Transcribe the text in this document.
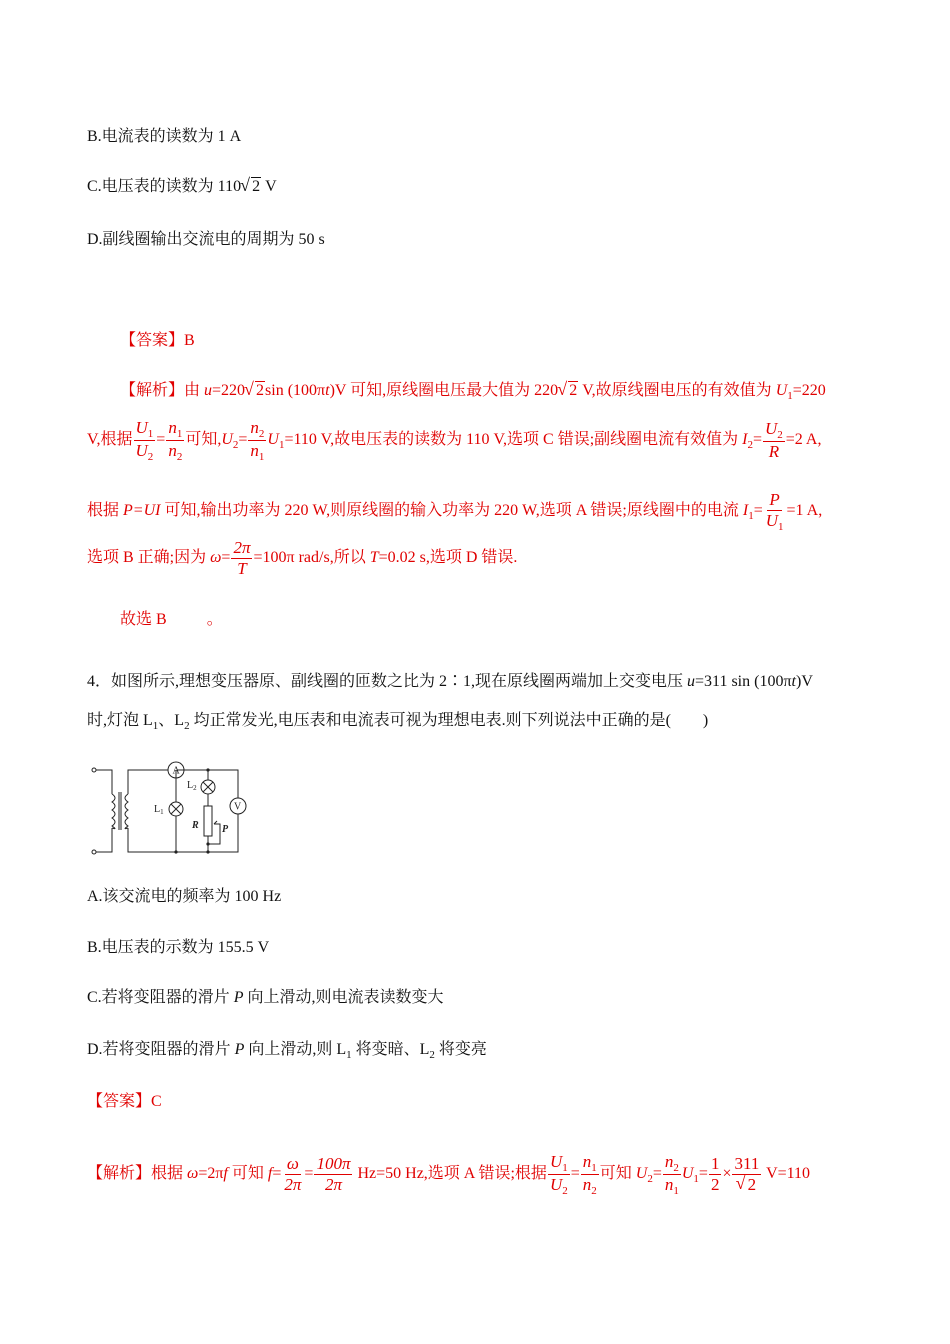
B.电流表的读数为 1 A
C.电压表的读数为 110 √ 2 V
D.副线圈输出交流电的周期为 50 s
【答案】B
【解析】由 u=220 √ 2sin (100πt)V 可知,原线圈电压最大值为 220 √ 2 V,故原线圈电压的有效值为 $U_1=220$
V,根据 $\frac{U_1}{U_2} = \frac{n_1}{n_2}$ 可知$,U_2= \frac{n_2}{n_1} U_1=110$ V,故电压表的读数为 110 V,选项 C 错误;副线圈电流有效值为 $I_2= \frac{U_2}{R} =2$ A,
根据 P=UI 可知,输出功率为 220 W,则原线圈的输入功率为 220 W,选项 A 错误;原线圈中的电流 $I_1= \frac{P}{U_1} =1$ A,
选项 B 正确;因为 $\omega= \frac{2\pi}{T} =100\pi$ rad/s,所以 T=0.02 s,选项 D 错误.
故选 B	。
4．如图所示,理想变压器原、副线圈的匝数之比为 2∶1,现在原线圈两端加上交变电压 u=311 sin (100πt)V
时,灯泡 $L_1$、$L_2$ 均正常发光,电压表和电流表可视为理想电表.则下列说法中正确的是(　　)
A
V
$L_1$
$L_2$
R P
A.该交流电的频率为 100 Hz
B.电压表的示数为 155.5 V
C.若将变阻器的滑片 P 向上滑动,则电流表读数变大
D.若将变阻器的滑片 P 向上滑动,则 $L_1$ 将变暗、$L_2$ 将变亮
【答案】C
【解析】根据 ω=2πf 可知 $f= \frac{\omega}{2\pi} = \frac{100\pi}{2\pi} Hz=50$ Hz,选项 A 错误;根据 $\frac{U_1}{U_2} = \frac{n_1}{n_2}$ 可知 $U_2= \frac{n_2}{n_1} U_1= \frac{1}{2} \times 311$
√ 2 V=110
